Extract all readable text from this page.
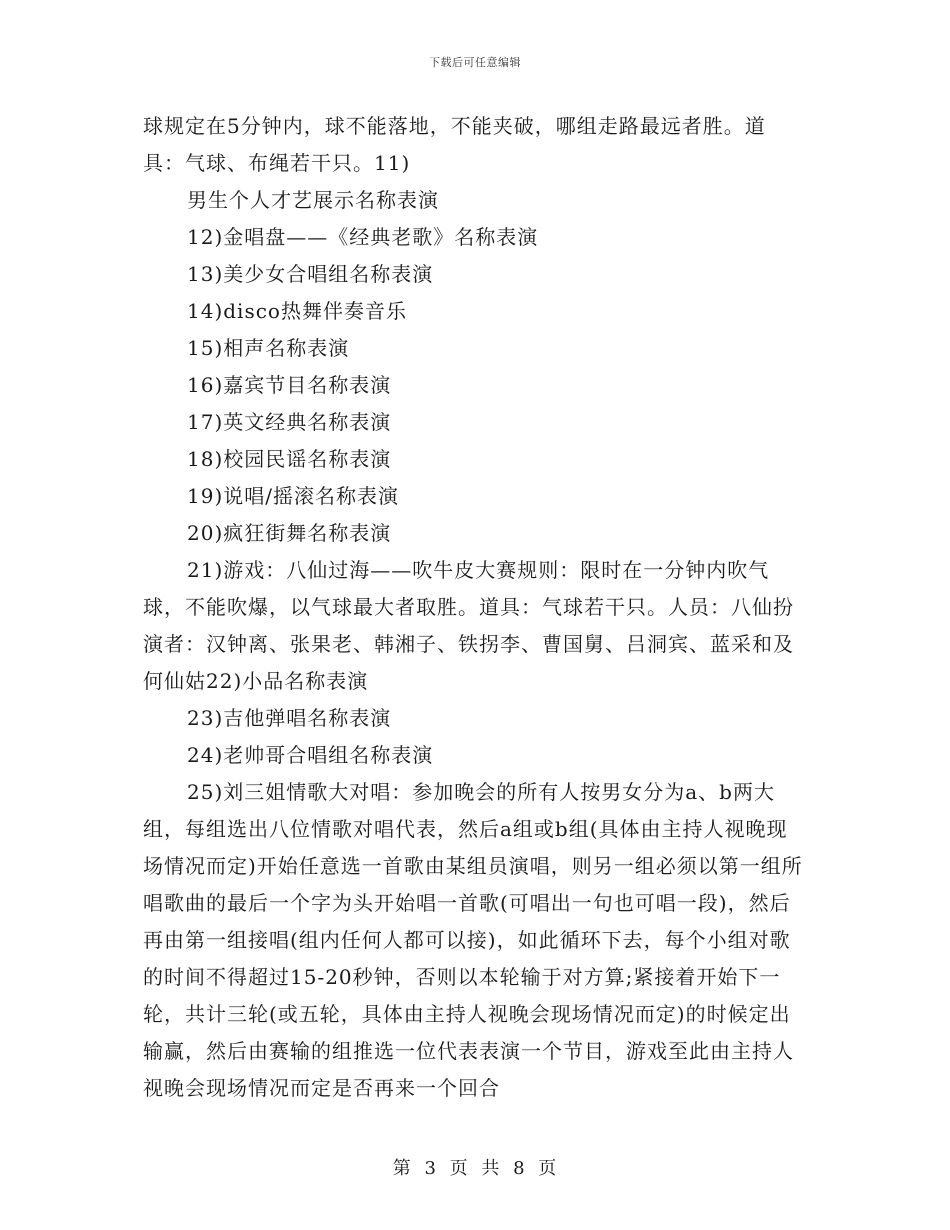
下载后可任意编辑

球规定在5分钟内，球不能落地，不能夹破，哪组走路最远者胜。道具：气球、布绳若干只。11)

男生个人才艺展示名称表演

12)金唱盘——《经典老歌》名称表演

13)美少女合唱组名称表演

14)disco热舞伴奏音乐

15)相声名称表演

16)嘉宾节目名称表演

17)英文经典名称表演

18)校园民谣名称表演

19)说唱/摇滚名称表演

20)疯狂街舞名称表演

21)游戏：八仙过海——吹牛皮大赛规则：限时在一分钟内吹气球，不能吹爆，以气球最大者取胜。道具：气球若干只。人员：八仙扮演者：汉钟离、张果老、韩湘子、铁拐李、曹国舅、吕洞宾、蓝采和及何仙姑22)小品名称表演

23)吉他弹唱名称表演

24)老帅哥合唱组名称表演

25)刘三姐情歌大对唱：参加晚会的所有人按男女分为a、b两大组，每组选出八位情歌对唱代表，然后a组或b组(具体由主持人视晚现场情况而定)开始任意选一首歌由某组员演唱，则另一组必须以第一组所唱歌曲的最后一个字为头开始唱一首歌(可唱出一句也可唱一段)，然后再由第一组接唱(组内任何人都可以接)，如此循环下去，每个小组对歌的时间不得超过15-20秒钟，否则以本轮输于对方算;紧接着开始下一轮，共计三轮(或五轮，具体由主持人视晚会现场情况而定)的时候定出输赢，然后由赛输的组推选一位代表表演一个节目，游戏至此由主持人视晚会现场情况而定是否再来一个回合

第 3 页 共 8 页
